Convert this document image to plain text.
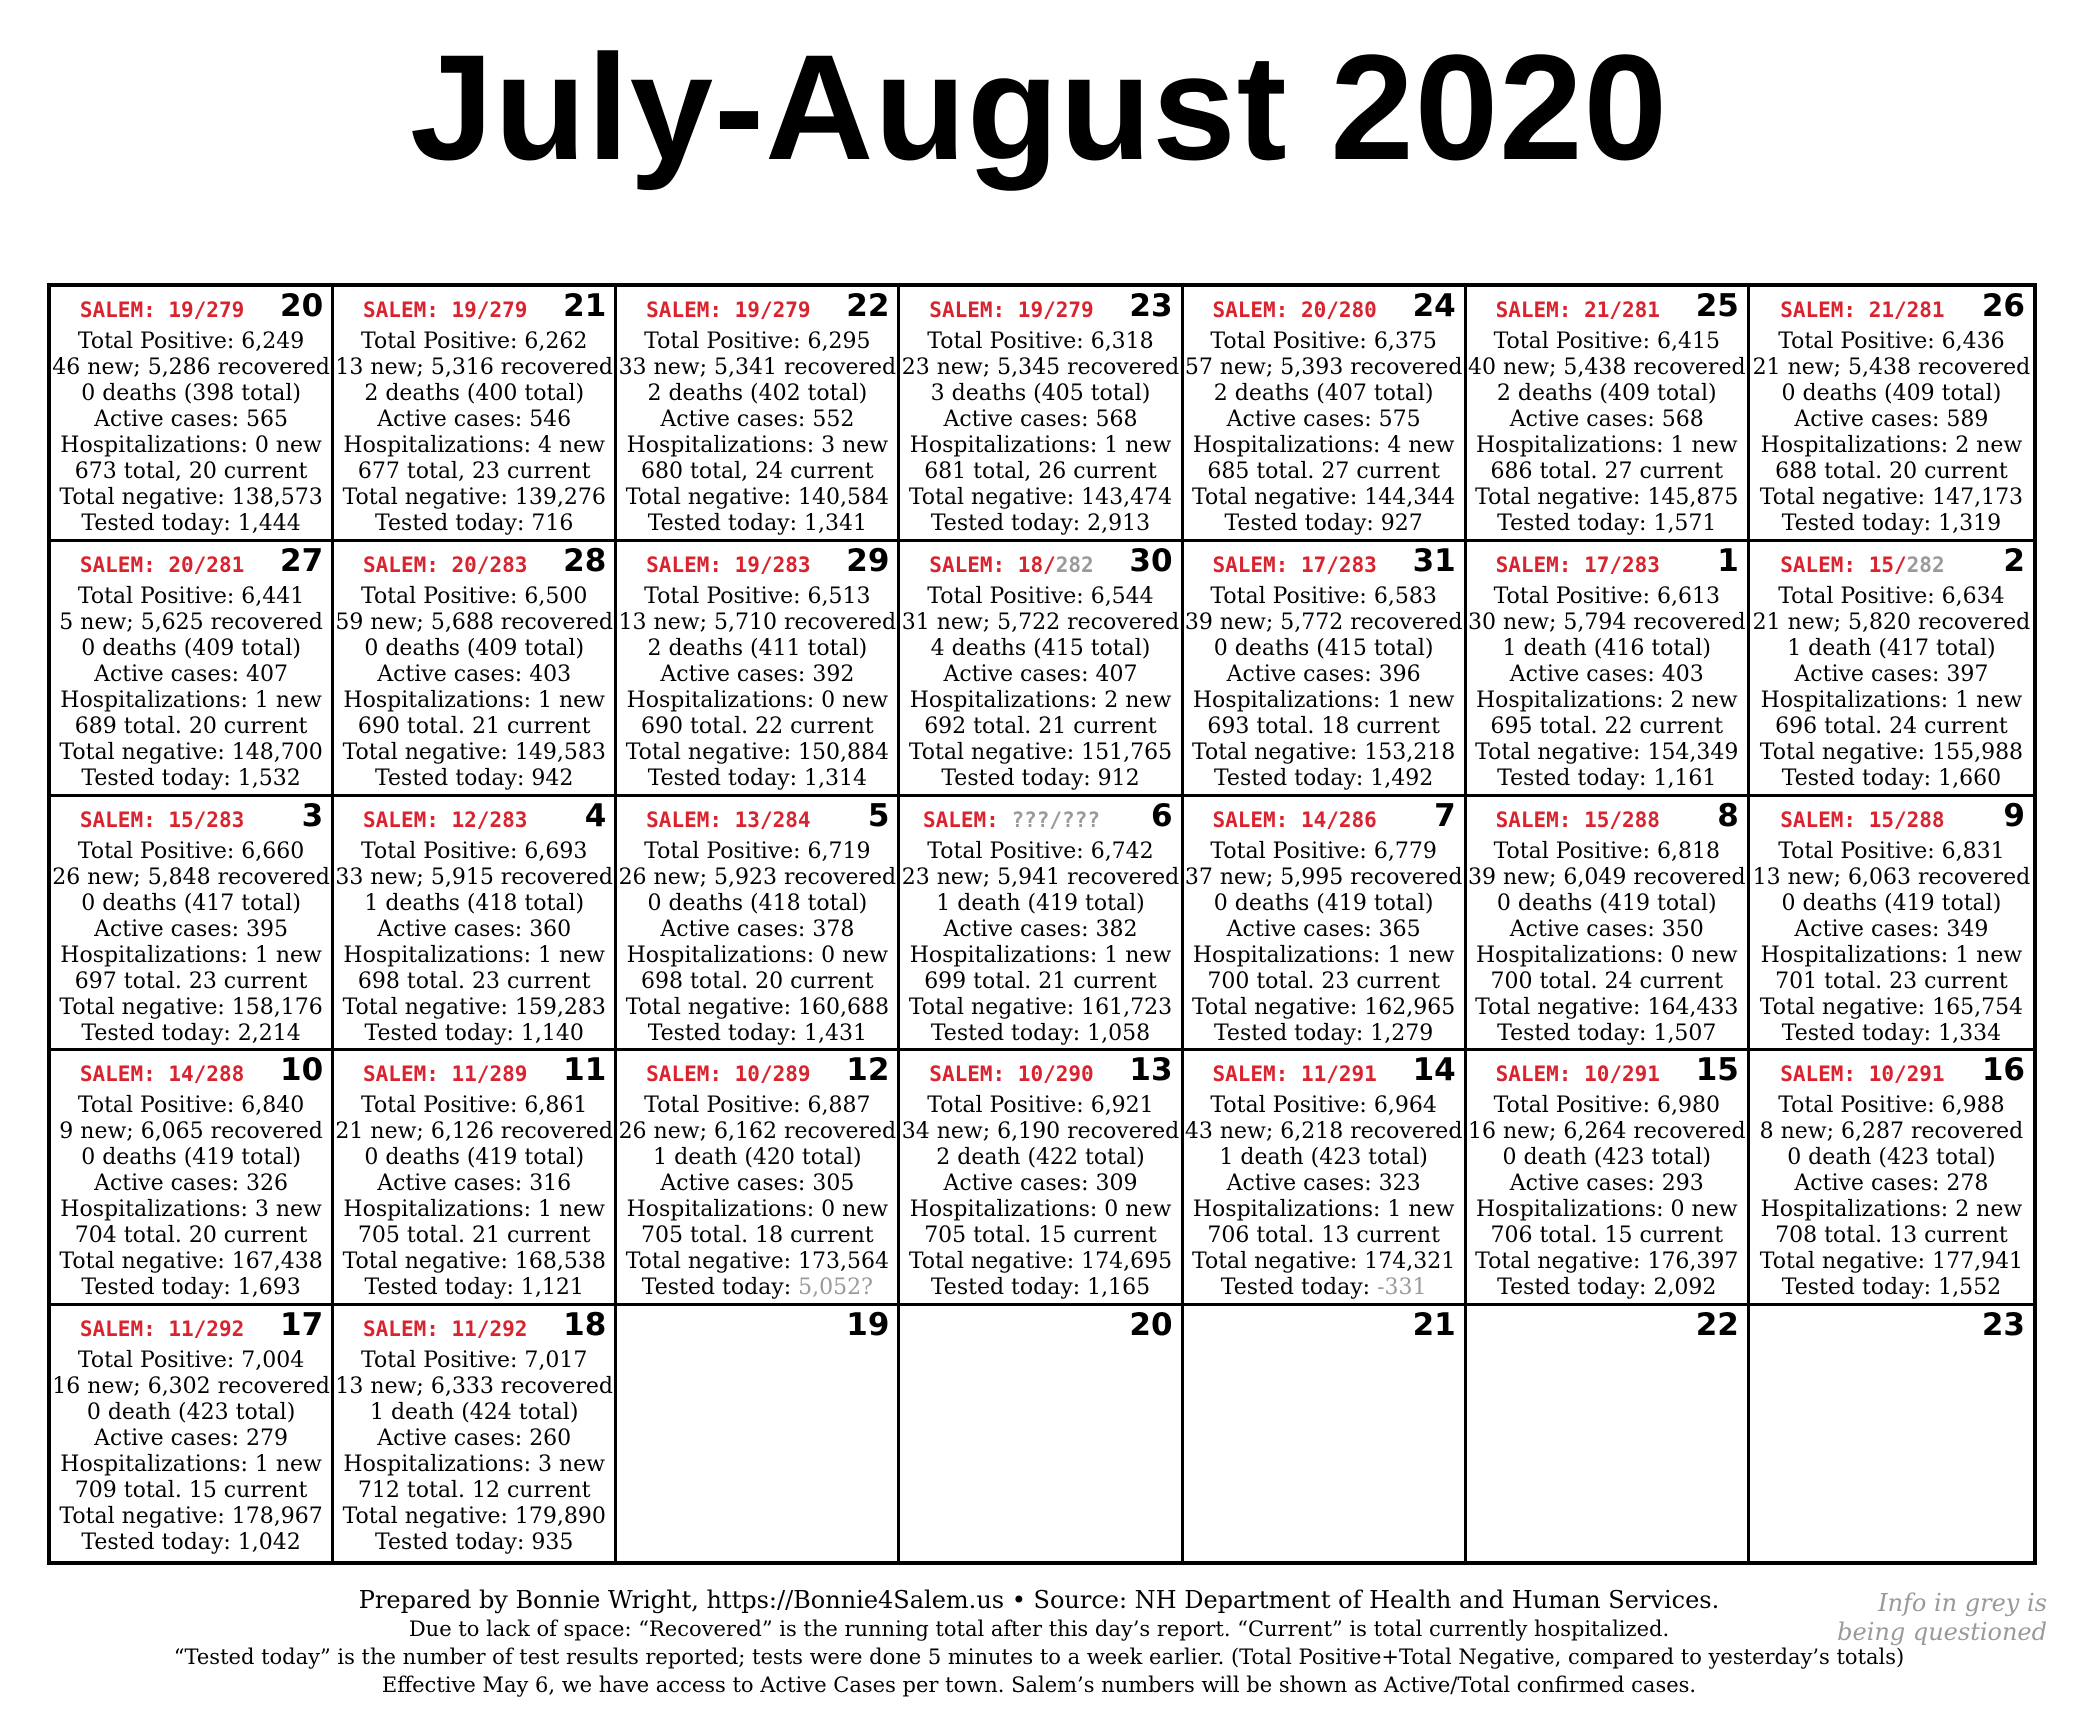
July-August 2020
SALEM: 19/279	20
Total Positive: 6,249
46 new; 5,286 recovered
0 deaths (398 total)
Active cases: 565
Hospitalizations: 0 new
673 total, 20 current
Total negative: 138,573
Tested today: 1,444
SALEM: 19/279	21
Total Positive: 6,262
13 new; 5,316 recovered
2 deaths (400 total)
Active cases: 546
Hospitalizations: 4 new
677 total, 23 current
Total negative: 139,276
Tested today: 716
SALEM: 19/279	22
Total Positive: 6,295
33 new; 5,341 recovered
2 deaths (402 total)
Active cases: 552
Hospitalizations: 3 new
680 total, 24 current
Total negative: 140,584
Tested today: 1,341
SALEM: 19/279	23
Total Positive: 6,318
23 new; 5,345 recovered
3 deaths (405 total)
Active cases: 568
Hospitalizations: 1 new
681 total, 26 current
Total negative: 143,474
Tested today: 2,913
SALEM: 20/280	24
Total Positive: 6,375
57 new; 5,393 recovered
2 deaths (407 total)
Active cases: 575
Hospitalizations: 4 new
685 total. 27 current
Total negative: 144,344
Tested today: 927
SALEM: 21/281	25
Total Positive: 6,415
40 new; 5,438 recovered
2 deaths (409 total)
Active cases: 568
Hospitalizations: 1 new
686 total. 27 current
Total negative: 145,875
Tested today: 1,571
SALEM: 21/281	26
Total Positive: 6,436
21 new; 5,438 recovered
0 deaths (409 total)
Active cases: 589
Hospitalizations: 2 new
688 total. 20 current
Total negative: 147,173
Tested today: 1,319
SALEM: 20/281	27
Total Positive: 6,441
5 new; 5,625 recovered
0 deaths (409 total)
Active cases: 407
Hospitalizations: 1 new
689 total. 20 current
Total negative: 148,700
Tested today: 1,532
SALEM: 20/283	28
Total Positive: 6,500
59 new; 5,688 recovered
0 deaths (409 total)
Active cases: 403
Hospitalizations: 1 new
690 total. 21 current
Total negative: 149,583
Tested today: 942
SALEM: 19/283	29
Total Positive: 6,513
13 new; 5,710 recovered
2 deaths (411 total)
Active cases: 392
Hospitalizations: 0 new
690 total. 22 current
Total negative: 150,884
Tested today: 1,314
SALEM: 18/282	30
Total Positive: 6,544
31 new; 5,722 recovered
4 deaths (415 total)
Active cases: 407
Hospitalizations: 2 new
692 total. 21 current
Total negative: 151,765
Tested today: 912
SALEM: 17/283	31
Total Positive: 6,583
39 new; 5,772 recovered
0 deaths (415 total)
Active cases: 396
Hospitalizations: 1 new
693 total. 18 current
Total negative: 153,218
Tested today: 1,492
SALEM: 17/283	1
Total Positive: 6,613
30 new; 5,794 recovered
1 death (416 total)
Active cases: 403
Hospitalizations: 2 new
695 total. 22 current
Total negative: 154,349
Tested today: 1,161
SALEM: 15/282	2
Total Positive: 6,634
21 new; 5,820 recovered
1 death (417 total)
Active cases: 397
Hospitalizations: 1 new
696 total. 24 current
Total negative: 155,988
Tested today: 1,660
SALEM: 15/283	3
Total Positive: 6,660
26 new; 5,848 recovered
0 deaths (417 total)
Active cases: 395
Hospitalizations: 1 new
697 total. 23 current
Total negative: 158,176
Tested today: 2,214
SALEM: 12/283	4
Total Positive: 6,693
33 new; 5,915 recovered
1 deaths (418 total)
Active cases: 360
Hospitalizations: 1 new
698 total. 23 current
Total negative: 159,283
Tested today: 1,140
SALEM: 13/284	5
Total Positive: 6,719
26 new; 5,923 recovered
0 deaths (418 total)
Active cases: 378
Hospitalizations: 0 new
698 total. 20 current
Total negative: 160,688
Tested today: 1,431
SALEM: ???/???	6
Total Positive: 6,742
23 new; 5,941 recovered
1 death (419 total)
Active cases: 382
Hospitalizations: 1 new
699 total. 21 current
Total negative: 161,723
Tested today: 1,058
SALEM: 14/286	7
Total Positive: 6,779
37 new; 5,995 recovered
0 deaths (419 total)
Active cases: 365
Hospitalizations: 1 new
700 total. 23 current
Total negative: 162,965
Tested today: 1,279
SALEM: 15/288	8
Total Positive: 6,818
39 new; 6,049 recovered
0 deaths (419 total)
Active cases: 350
Hospitalizations: 0 new
700 total. 24 current
Total negative: 164,433
Tested today: 1,507
SALEM: 15/288	9
Total Positive: 6,831
13 new; 6,063 recovered
0 deaths (419 total)
Active cases: 349
Hospitalizations: 1 new
701 total. 23 current
Total negative: 165,754
Tested today: 1,334
SALEM: 14/288	10
Total Positive: 6,840
9 new; 6,065 recovered
0 deaths (419 total)
Active cases: 326
Hospitalizations: 3 new
704 total. 20 current
Total negative: 167,438
Tested today: 1,693
SALEM: 11/289	11
Total Positive: 6,861
21 new; 6,126 recovered
0 deaths (419 total)
Active cases: 316
Hospitalizations: 1 new
705 total. 21 current
Total negative: 168,538
Tested today: 1,121
SALEM: 10/289	12
Total Positive: 6,887
26 new; 6,162 recovered
1 death (420 total)
Active cases: 305
Hospitalizations: 0 new
705 total. 18 current
Total negative: 173,564
Tested today: 5,052?
SALEM: 10/290	13
Total Positive: 6,921
34 new; 6,190 recovered
2 death (422 total)
Active cases: 309
Hospitalizations: 0 new
705 total. 15 current
Total negative: 174,695
Tested today: 1,165
SALEM: 11/291	14
Total Positive: 6,964
43 new; 6,218 recovered
1 death (423 total)
Active cases: 323
Hospitalizations: 1 new
706 total. 13 current
Total negative: 174,321
Tested today: -331
SALEM: 10/291	15
Total Positive: 6,980
16 new; 6,264 recovered
0 death (423 total)
Active cases: 293
Hospitalizations: 0 new
706 total. 15 current
Total negative: 176,397
Tested today: 2,092
SALEM: 10/291	16
Total Positive: 6,988
8 new; 6,287 recovered
0 death (423 total)
Active cases: 278
Hospitalizations: 2 new
708 total. 13 current
Total negative: 177,941
Tested today: 1,552
SALEM: 11/292	17
Total Positive: 7,004
16 new; 6,302 recovered
0 death (423 total)
Active cases: 279
Hospitalizations: 1 new
709 total. 15 current
Total negative: 178,967
Tested today: 1,042
SALEM: 11/292	18
Total Positive: 7,017
13 new; 6,333 recovered
1 death (424 total)
Active cases: 260
Hospitalizations: 3 new
712 total. 12 current
Total negative: 179,890
Tested today: 935
19	20	21	22	23
Prepared by Bonnie Wright, https://Bonnie4Salem.us • Source: NH Department of Health and Human Services.
Due to lack of space: “Recovered” is the running total after this day’s report. “Current” is total currently hospitalized.
“Tested today” is the number of test results reported; tests were done 5 minutes to a week earlier. (Total Positive+Total Negative, compared to yesterday’s totals)
Effective May 6, we have access to Active Cases per town. Salem’s numbers will be shown as Active/Total confirmed cases.
Info in grey is
being questioned
